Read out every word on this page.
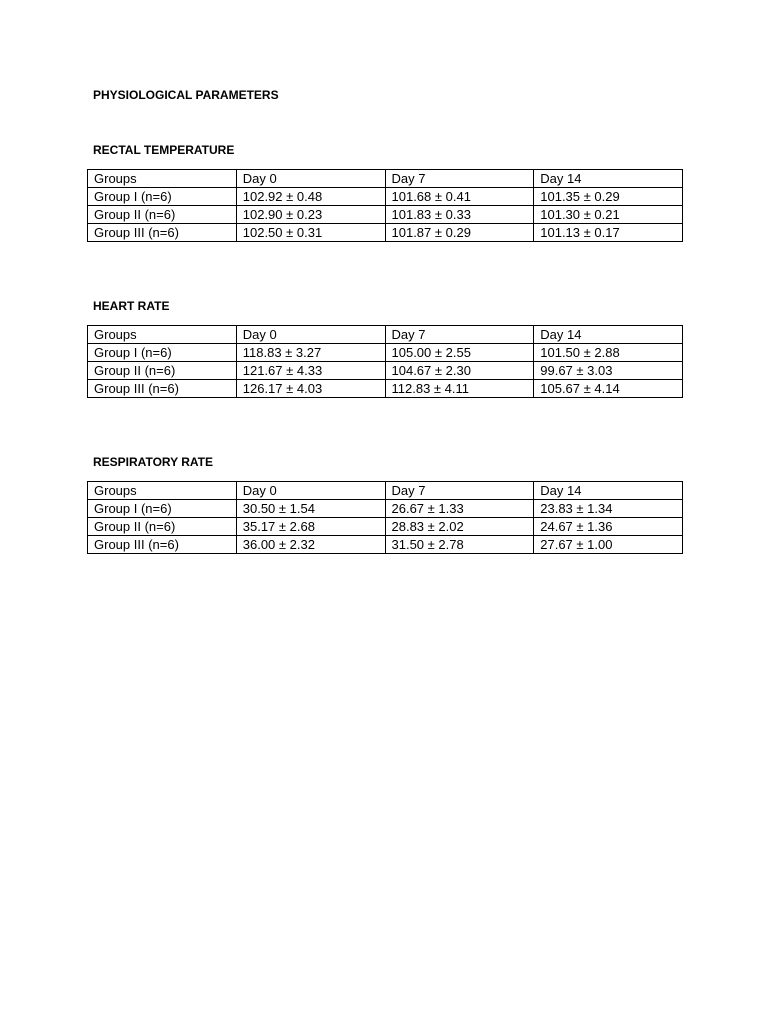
PHYSIOLOGICAL PARAMETERS
RECTAL TEMPERATURE
Groups	Day 0	Day 7	Day 14
Group I (n=6)	102.92 ± 0.48	101.68 ± 0.41	101.35 ± 0.29
Group II (n=6)	102.90 ± 0.23	101.83 ± 0.33	101.30 ± 0.21
Group III (n=6)	102.50 ± 0.31	101.87 ± 0.29	101.13 ± 0.17
HEART RATE
Groups	Day 0	Day 7	Day 14
Group I (n=6)	118.83 ± 3.27	105.00 ± 2.55	101.50 ± 2.88
Group II (n=6)	121.67 ± 4.33	104.67 ± 2.30	99.67 ± 3.03
Group III (n=6)	126.17 ± 4.03	112.83 ± 4.11	105.67 ± 4.14
RESPIRATORY RATE
Groups	Day 0	Day 7	Day 14
Group I (n=6)	30.50 ± 1.54	26.67 ± 1.33	23.83 ± 1.34
Group II (n=6)	35.17 ± 2.68	28.83 ± 2.02	24.67 ± 1.36
Group III (n=6)	36.00 ± 2.32	31.50 ± 2.78	27.67 ± 1.00
